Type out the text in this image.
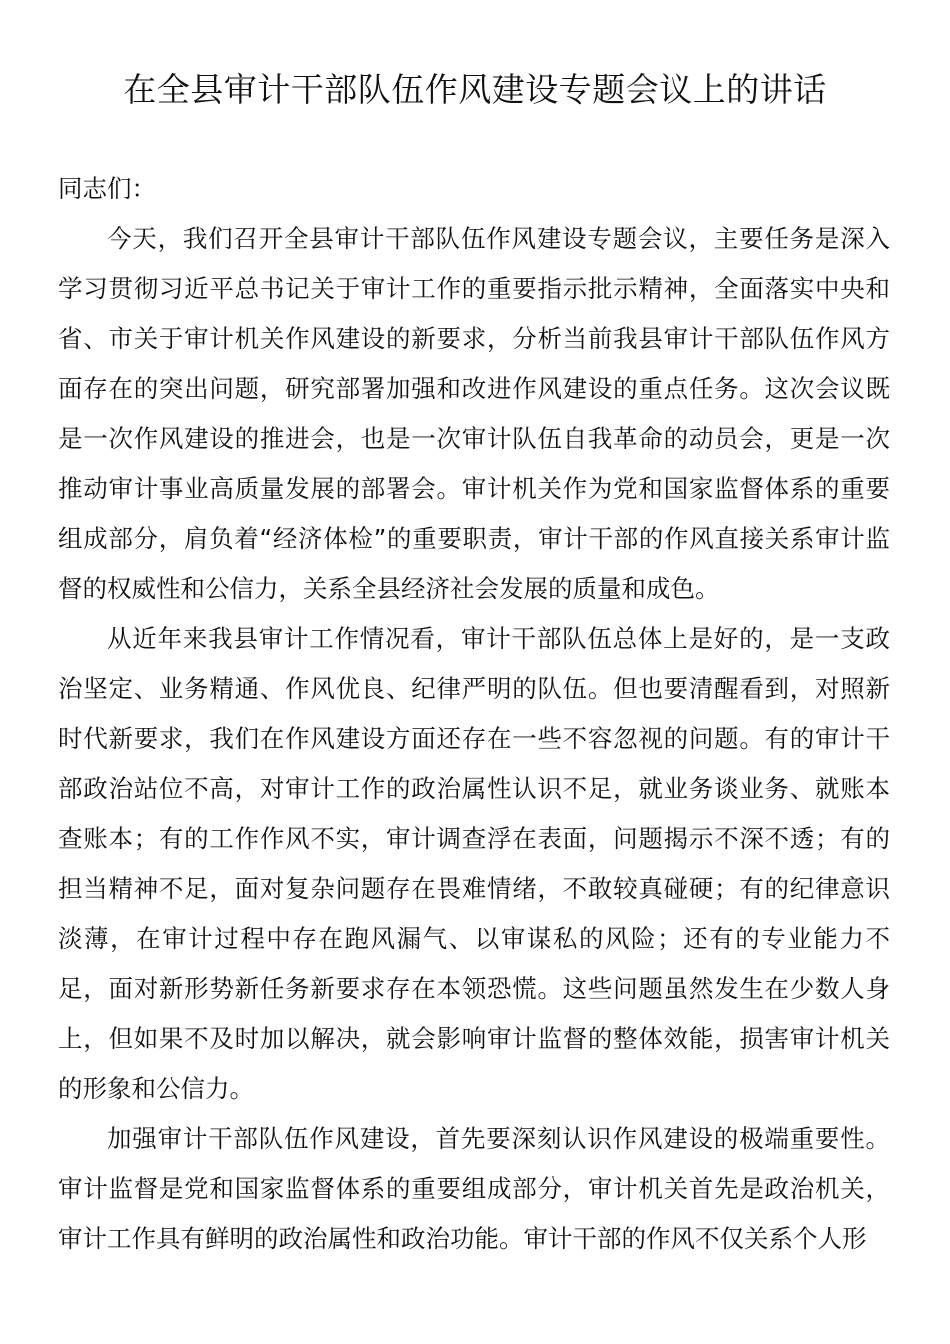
在全县审计干部队伍作风建设专题会议上的讲话

同志们：

今天，我们召开全县审计干部队伍作风建设专题会议，主要任务是深入学习贯彻习近平总书记关于审计工作的重要指示批示精神，全面落实中央和省、市关于审计机关作风建设的新要求，分析当前我县审计干部队伍作风方面存在的突出问题，研究部署加强和改进作风建设的重点任务。这次会议既是一次作风建设的推进会，也是一次审计队伍自我革命的动员会，更是一次推动审计事业高质量发展的部署会。审计机关作为党和国家监督体系的重要组成部分，肩负着“经济体检”的重要职责，审计干部的作风直接关系审计监督的权威性和公信力，关系全县经济社会发展的质量和成色。

从近年来我县审计工作情况看，审计干部队伍总体上是好的，是一支政治坚定、业务精通、作风优良、纪律严明的队伍。但也要清醒看到，对照新时代新要求，我们在作风建设方面还存在一些不容忽视的问题。有的审计干部政治站位不高，对审计工作的政治属性认识不足，就业务谈业务、就账本查账本；有的工作作风不实，审计调查浮在表面，问题揭示不深不透；有的担当精神不足，面对复杂问题存在畏难情绪，不敢较真碰硬；有的纪律意识淡薄，在审计过程中存在跑风漏气、以审谋私的风险；还有的专业能力不足，面对新形势新任务新要求存在本领恐慌。这些问题虽然发生在少数人身上，但如果不及时加以解决，就会影响审计监督的整体效能，损害审计机关的形象和公信力。

加强审计干部队伍作风建设，首先要深刻认识作风建设的极端重要性。审计监督是党和国家监督体系的重要组成部分，审计机关首先是政治机关，审计工作具有鲜明的政治属性和政治功能。审计干部的作风不仅关系个人形
